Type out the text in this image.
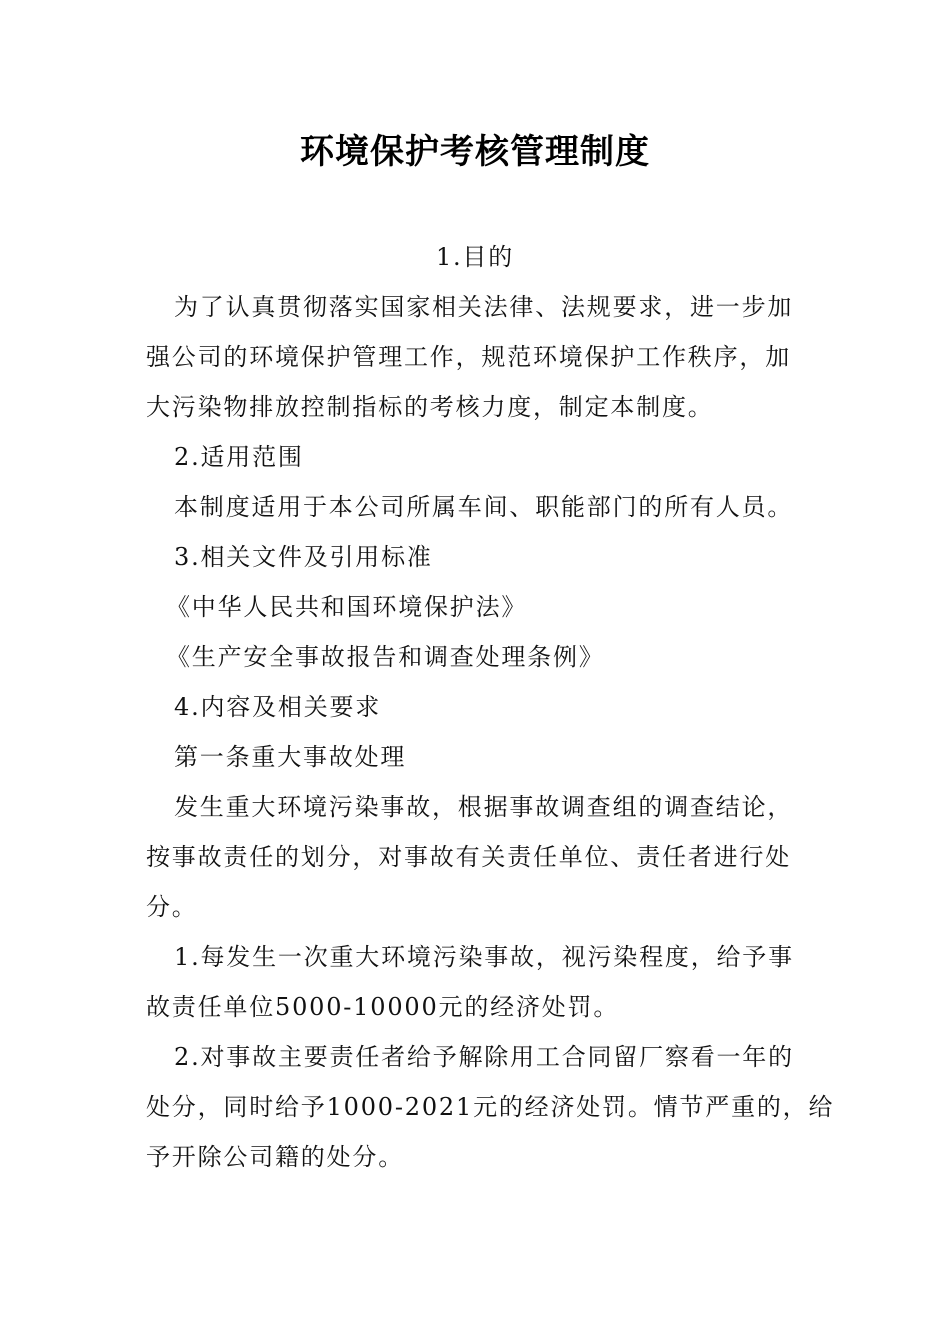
环境保护考核管理制度
1.目的
为了认真贯彻落实国家相关法律、法规要求，进一步加
强公司的环境保护管理工作，规范环境保护工作秩序，加
大污染物排放控制指标的考核力度，制定本制度。
2.适用范围
本制度适用于本公司所属车间、职能部门的所有人员。
3.相关文件及引用标准
《中华人民共和国环境保护法》
《生产安全事故报告和调查处理条例》
4.内容及相关要求
第一条重大事故处理
发生重大环境污染事故，根据事故调查组的调查结论，
按事故责任的划分，对事故有关责任单位、责任者进行处
分。
1.每发生一次重大环境污染事故，视污染程度，给予事
故责任单位5000-10000元的经济处罚。
2.对事故主要责任者给予解除用工合同留厂察看一年的
处分，同时给予1000-2021元的经济处罚。情节严重的，给
予开除公司籍的处分。
